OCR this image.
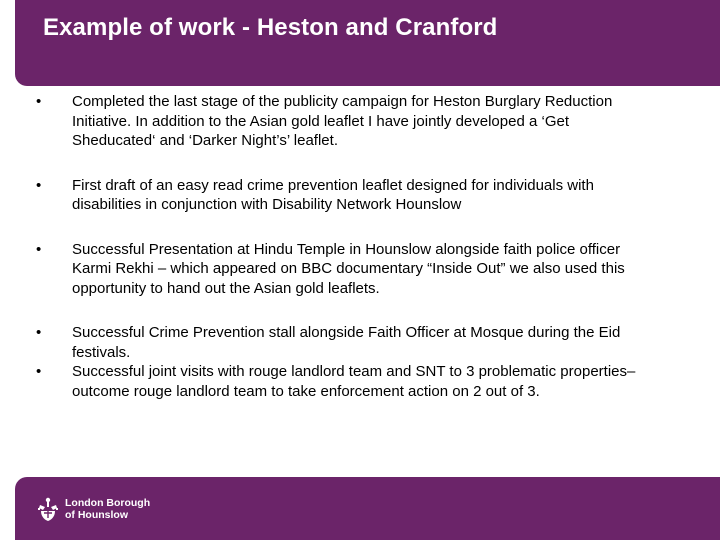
Example of work - Heston and Cranford
•	Completed the last stage of the publicity campaign for Heston Burglary Reduction Initiative. In addition to the Asian gold leaflet I have jointly developed a ‘Get Sheducated‘ and ‘Darker Night’s’ leaflet.
•	First draft of an easy read crime prevention leaflet designed for individuals with disabilities in conjunction with Disability Network Hounslow
•	Successful Presentation at Hindu Temple in Hounslow alongside faith police officer Karmi Rekhi – which appeared on BBC documentary “Inside Out” we also used this opportunity to hand out the Asian gold leaflets.
•	Successful Crime Prevention stall alongside Faith Officer at Mosque during the Eid festivals.
•	Successful joint visits with rouge landlord team and SNT to 3 problematic properties– outcome rouge landlord team to take enforcement action on 2 out of 3.
London Borough
of Hounslow
